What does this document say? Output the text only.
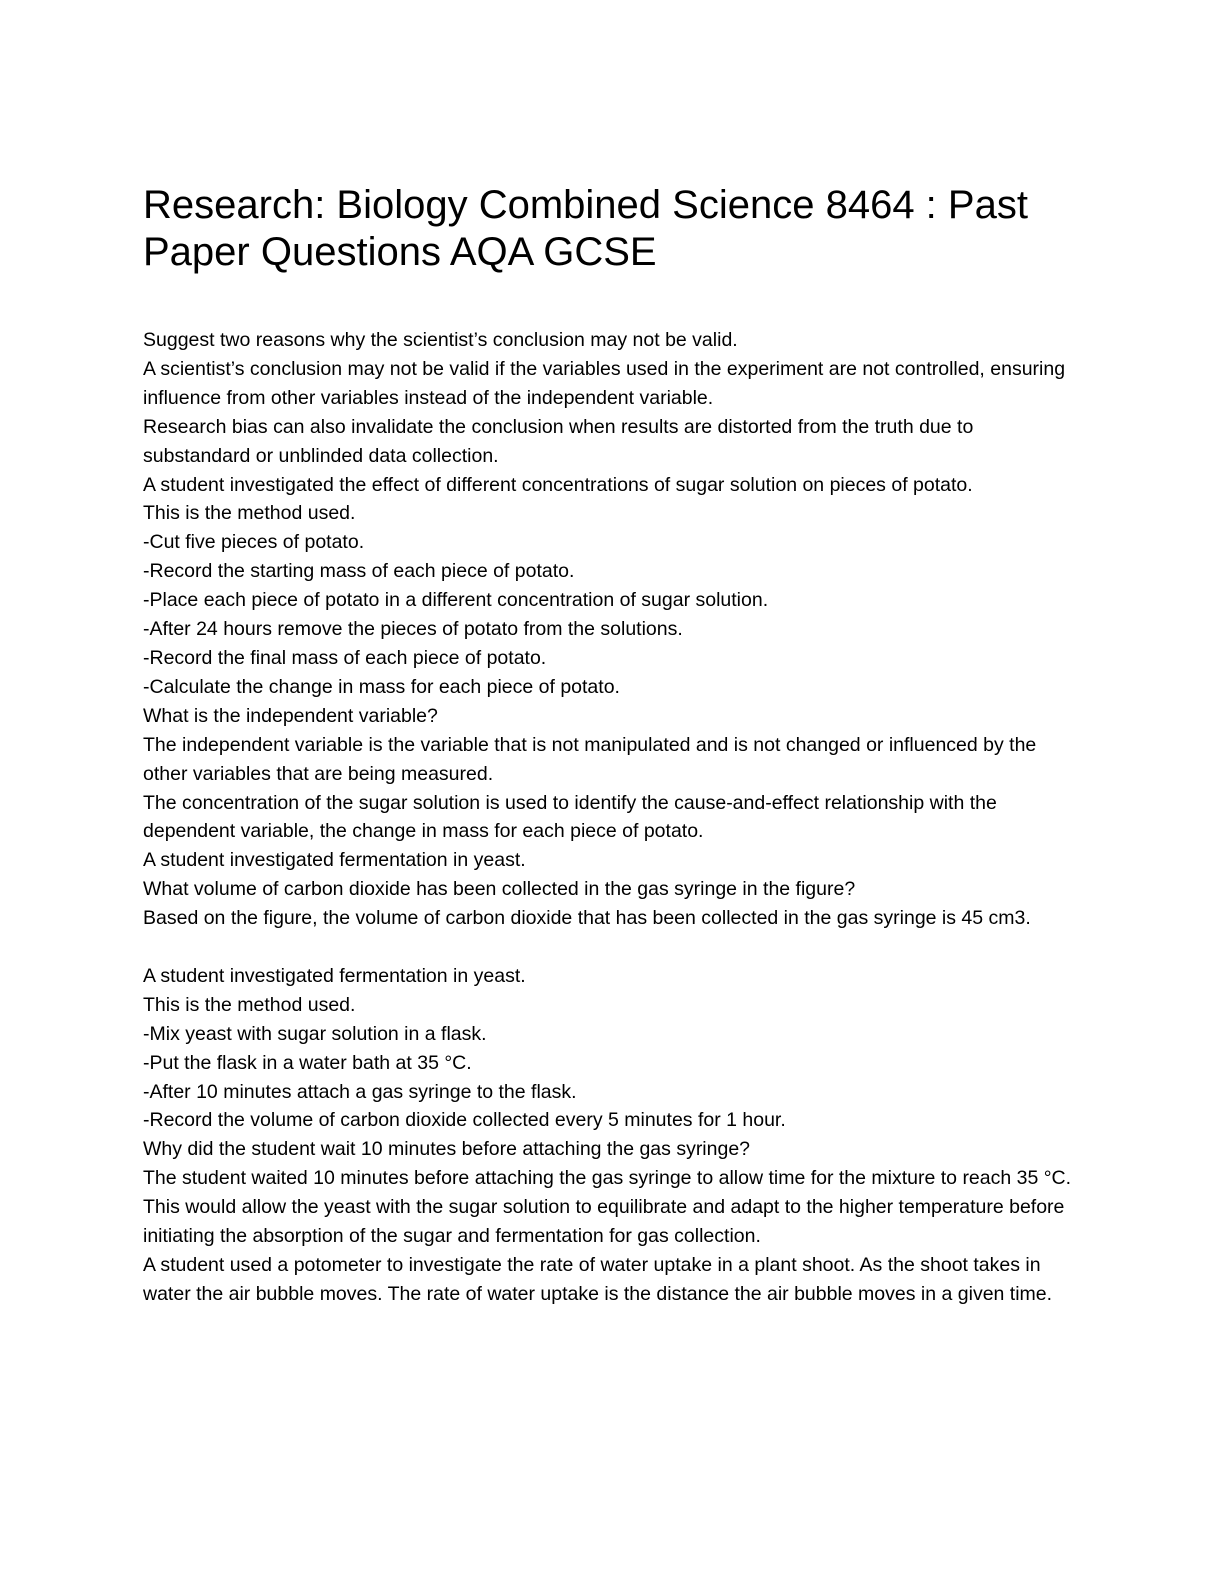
Research: Biology Combined Science 8464 : Past Paper Questions AQA GCSE

Suggest two reasons why the scientist’s conclusion may not be valid.

A scientist’s conclusion may not be valid if the variables used in the experiment are not controlled, ensuring influence from other variables instead of the independent variable.

Research bias can also invalidate the conclusion when results are distorted from the truth due to substandard or unblinded data collection.

A student investigated the effect of different concentrations of sugar solution on pieces of potato.

This is the method used.

-Cut five pieces of potato.

-Record the starting mass of each piece of potato.

-Place each piece of potato in a different concentration of sugar solution.

-After 24 hours remove the pieces of potato from the solutions.

-Record the final mass of each piece of potato.

-Calculate the change in mass for each piece of potato.

What is the independent variable?

The independent variable is the variable that is not manipulated and is not changed or influenced by the other variables that are being measured.

The concentration of the sugar solution is used to identify the cause-and-effect relationship with the dependent variable, the change in mass for each piece of potato.

A student investigated fermentation in yeast.

What volume of carbon dioxide has been collected in the gas syringe in the figure?

Based on the figure, the volume of carbon dioxide that has been collected in the gas syringe is 45 cm3.

A student investigated fermentation in yeast.

This is the method used.

-Mix yeast with sugar solution in a flask.

-Put the flask in a water bath at 35 °C.

-After 10 minutes attach a gas syringe to the flask.

-Record the volume of carbon dioxide collected every 5 minutes for 1 hour.

Why did the student wait 10 minutes before attaching the gas syringe?

The student waited 10 minutes before attaching the gas syringe to allow time for the mixture to reach 35 °C.

This would allow the yeast with the sugar solution to equilibrate and adapt to the higher temperature before initiating the absorption of the sugar and fermentation for gas collection.

A student used a potometer to investigate the rate of water uptake in a plant shoot. As the shoot takes in water the air bubble moves. The rate of water uptake is the distance the air bubble moves in a given time.
